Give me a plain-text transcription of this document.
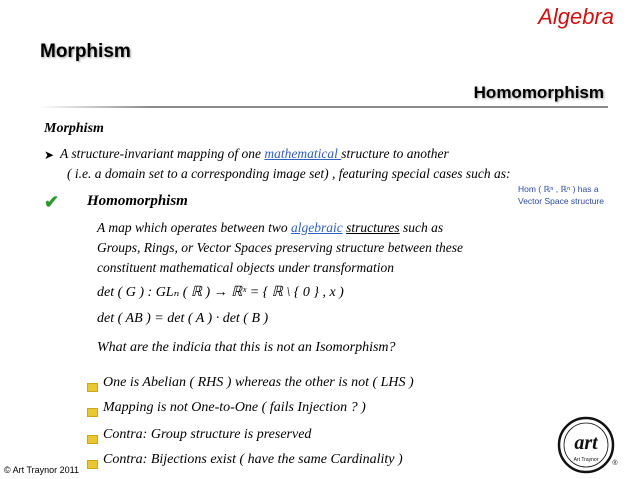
Algebra
Morphism
Homomorphism
Morphism
➤ A structure-invariant mapping of one mathematical structure to another
( i.e. a domain set to a corresponding image set) , featuring special cases such as:
Hom ( ℝⁿ , ℝⁿ ) has a
Vector Space structure
✔ Homomorphism
A map which operates between two algebraic structures such as
Groups, Rings, or Vector Spaces preserving structure between these
constituent mathematical objects under transformation
det ( G ) : GLₙ ( ℝ ) → ℝˣ = { ℝ \ { 0 } , x )
det ( AB ) = det ( A ) · det ( B )
What are the indicia that this is not an Isomorphism?
One is Abelian ( RHS ) whereas the other is not ( LHS )
Mapping is not One-to-One ( fails Injection ? )
Contra: Group structure is preserved
Contra: Bijections exist ( have the same Cardinality )
© Art Traynor 2011
art
Art Traynor ®
